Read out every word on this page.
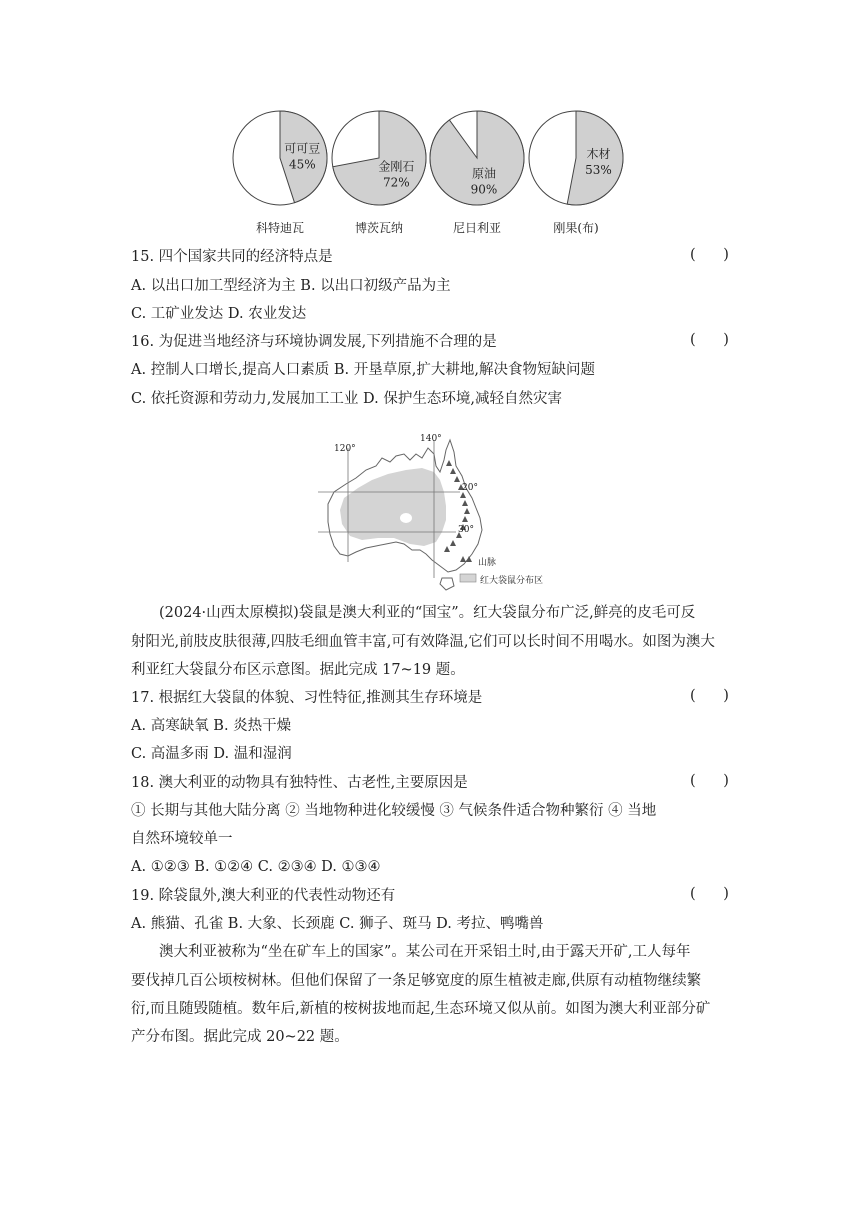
可可豆
45%	金刚石
72%
原油
90%
木材
53%
科特迪瓦	博茨瓦纳	尼日利亚	刚果(布)
15. 四个国家共同的经济特点是	(      )
A. 以出口加工型经济为主 B. 以出口初级产品为主
C. 工矿业发达 D. 农业发达
16. 为促进当地经济与环境协调发展,下列措施不合理的是	(      )
A. 控制人口增长,提高人口素质 B. 开垦草原,扩大耕地,解决食物短缺问题
C. 依托资源和劳动力,发展加工工业 D. 保护生态环境,减轻自然灾害
120°
140°
20°
30°
山脉
红大袋鼠分布区
(2024·山西太原模拟)袋鼠是澳大利亚的“国宝”。红大袋鼠分布广泛,鲜亮的皮毛可反
射阳光,前肢皮肤很薄,四肢毛细血管丰富,可有效降温,它们可以长时间不用喝水。如图为澳大
利亚红大袋鼠分布区示意图。据此完成 17~19 题。
17. 根据红大袋鼠的体貌、习性特征,推测其生存环境是	(      )
A. 高寒缺氧 B. 炎热干燥
C. 高温多雨 D. 温和湿润
18. 澳大利亚的动物具有独特性、古老性,主要原因是	(      )
① 长期与其他大陆分离 ② 当地物种进化较缓慢 ③ 气候条件适合物种繁衍 ④ 当地
自然环境较单一
A. ①②③ B. ①②④ C. ②③④ D. ①③④
19. 除袋鼠外,澳大利亚的代表性动物还有	(      )
A. 熊猫、孔雀 B. 大象、长颈鹿 C. 狮子、斑马 D. 考拉、鸭嘴兽
澳大利亚被称为“坐在矿车上的国家”。某公司在开采铝土时,由于露天开矿,工人每年
要伐掉几百公顷桉树林。但他们保留了一条足够宽度的原生植被走廊,供原有动植物继续繁
衍,而且随毁随植。数年后,新植的桉树拔地而起,生态环境又似从前。如图为澳大利亚部分矿
产分布图。据此完成 20~22 题。
